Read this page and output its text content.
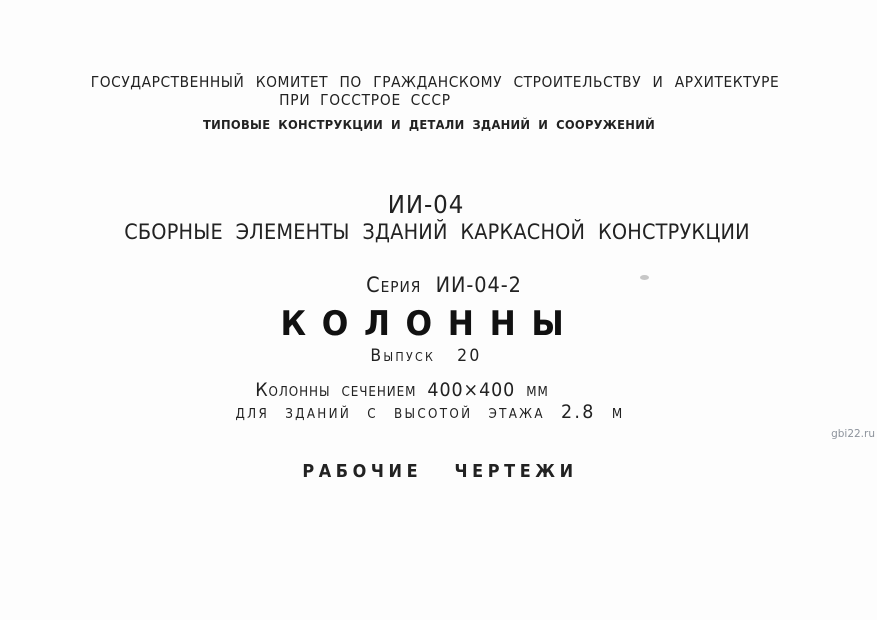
ГОСУДАРСТВЕННЫЙ КОМИТЕТ ПО ГРАЖДАНСКОМУ СТРОИТЕЛЬСТВУ И АРХИТЕКТУРЕ
ПРИ ГОССТРОЕ СССР
ТИПОВЫЕ КОНСТРУКЦИИ И ДЕТАЛИ ЗДАНИЙ И СООРУЖЕНИЙ
ИИ-04
СБОРНЫЕ ЭЛЕМЕНТЫ ЗДАНИЙ КАРКАСНОЙ КОНСТРУКЦИИ
Серия ИИ-04-2
КОЛОННЫ
Выпуск 20
Колонны сечением 400×400 мм
для зданий с высотой этажа 2.8 м
РАБОЧИЕ ЧЕРТЕЖИ
gbi22.ru
